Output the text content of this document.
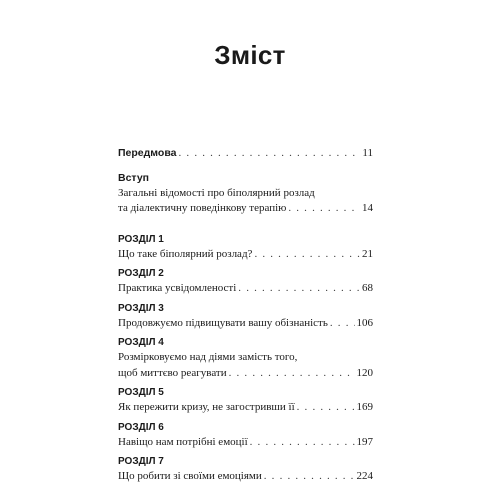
Зміст
Передмова . . .	11
Вступ
Загальні відомості про біполярний розлад
та діалектичну поведінкову терапію . . .	14
РОЗДІЛ 1
Що таке біполярний розлад? . . .	21
РОЗДІЛ 2
Практика усвідомленості . . .	68
РОЗДІЛ 3
Продовжуємо підвищувати вашу обізнаність . . .	106
РОЗДІЛ 4
Розмірковуємо над діями замість того,
щоб миттєво реагувати . . .	120
РОЗДІЛ 5
Як пережити кризу, не загостривши її . . .	169
РОЗДІЛ 6
Навіщо нам потрібні емоції . . .	197
РОЗДІЛ 7
Що робити зі своїми емоціями . . .	224
